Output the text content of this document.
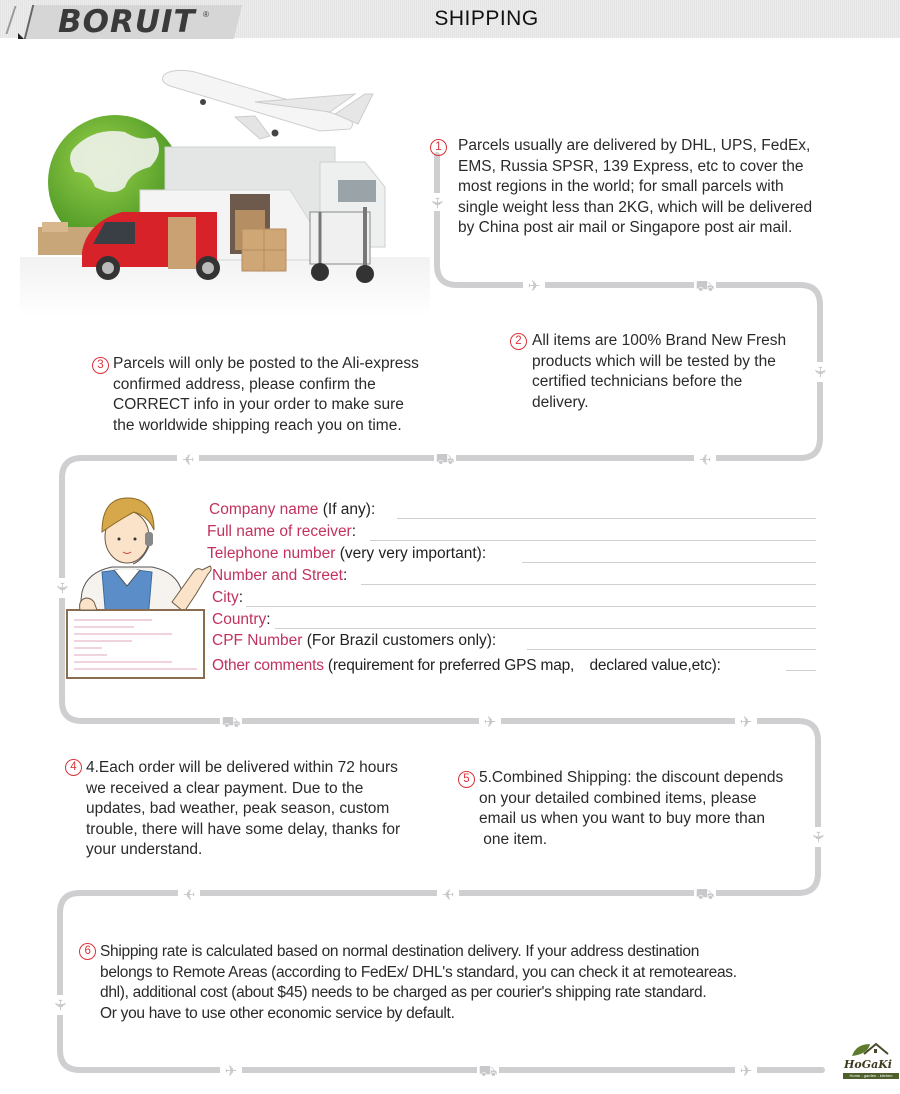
BORUIT ®	SHIPPING
✈
✈	⛟
✈
✈
⛟
✈
✈
⛟	✈	✈
✈
⛟
✈
✈
✈
✈	⛟	✈
1	Parcels usually are delivered by DHL, UPS, FedEx,
EMS, Russia SPSR, 139 Express, etc to cover the
most regions in the world; for small parcels with
single weight less than 2KG, which will be delivered
by China post air mail or Singapore post air mail.
2 All items are 100% Brand New Fresh
products which will be tested by the
certified technicians before the
delivery.
3 Parcels will only be posted to the Ali-express
confirmed address, please confirm the
CORRECT info in your order to make sure
the worldwide shipping reach you on time.
Company name (If any):
Full name of receiver:
Telephone number (very very important):
Number and Street:
City:
Country:
CPF Number (For Brazil customers only):
Other comments (requirement for preferred GPS map,　declared value,etc):
4 4.Each order will be delivered within 72 hours
we received a clear payment. Due to the
updates, bad weather, peak season, custom
trouble, there will have some delay, thanks for
your understand.
5 5.Combined Shipping: the discount depends
on your detailed combined items, please
email us when you want to buy more than
one item.
6 Shipping rate is calculated based on normal destination delivery. If your address destination
belongs to Remote Areas (according to FedEx/ DHL's standard, you can check it at remoteareas.
dhl), additional cost (about $45) needs to be charged as per courier's shipping rate standard.
Or you have to use other economic service by default.
HoGaKi
Home - garden - kitchen
